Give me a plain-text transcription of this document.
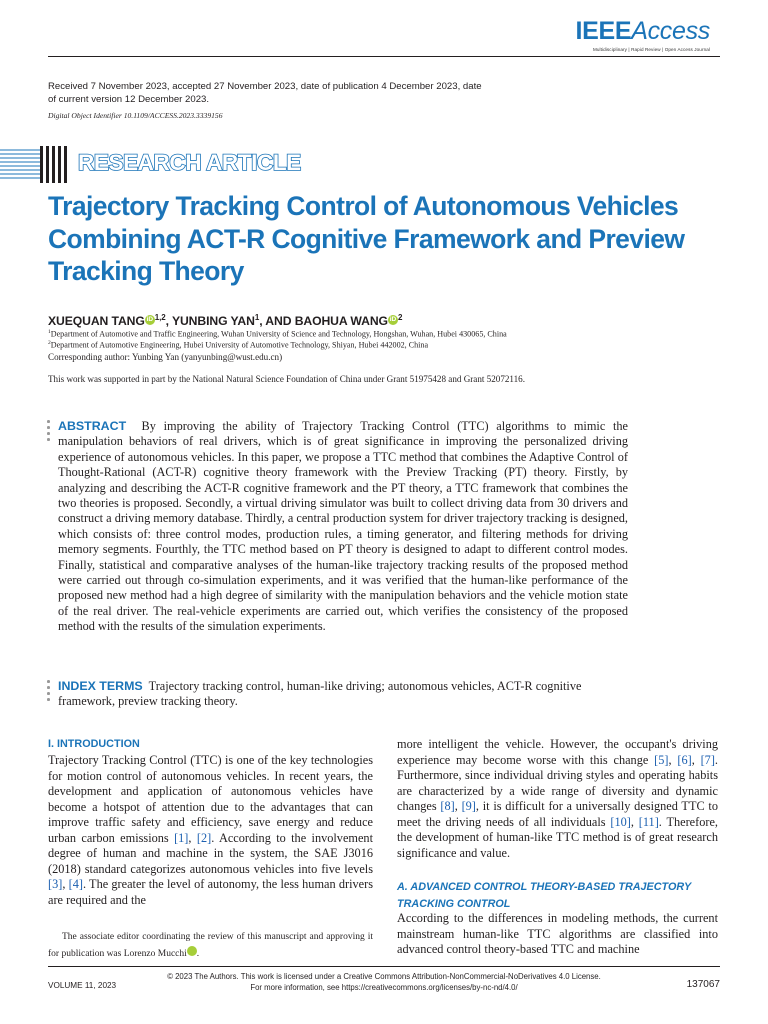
IEEEAccess
Multidisciplinary | Rapid Review | Open Access Journal
Received 7 November 2023, accepted 27 November 2023, date of publication 4 December 2023, date of current version 12 December 2023.
Digital Object Identifier 10.1109/ACCESS.2023.3339156
RESEARCH ARTICLE
Trajectory Tracking Control of Autonomous Vehicles Combining ACT-R Cognitive Framework and Preview Tracking Theory
XUEQUAN TANG iD $^{1,2}$, YUNBING YAN$^1$, AND BAOHUA WANG iD $^2$
$^1$Department of Automotive and Traffic Engineering, Wuhan University of Science and Technology, Hongshan, Wuhan, Hubei 430065, China
$^2$Department of Automotive Engineering, Hubei University of Automotive Technology, Shiyan, Hubei 442002, China
Corresponding author: Yunbing Yan (yanyunbing@wust.edu.cn)
This work was supported in part by the National Natural Science Foundation of China under Grant 51975428 and Grant 52072116.
ABSTRACT By improving the ability of Trajectory Tracking Control (TTC) algorithms to mimic the manipulation behaviors of real drivers, which is of great significance in improving the personalized driving experience of autonomous vehicles. In this paper, we propose a TTC method that combines the Adaptive Control of Thought-Rational (ACT-R) cognitive theory framework with the Preview Tracking (PT) theory. Firstly, by analyzing and describing the ACT-R cognitive framework and the PT theory, a TTC framework that combines the two theories is proposed. Secondly, a virtual driving simulator was built to collect driving data from 30 drivers and construct a driving memory database. Thirdly, a central production system for driver trajectory tracking is designed, which consists of: three control modes, production rules, a timing generator, and filtering methods for driving memory segments. Fourthly, the TTC method based on PT theory is designed to adapt to different control modes. Finally, statistical and comparative analyses of the human-like trajectory tracking results of the proposed method were carried out through co-simulation experiments, and it was verified that the human-like performance of the proposed new method had a high degree of similarity with the manipulation behaviors and the vehicle motion state of the real driver. The real-vehicle experiments are carried out, which verifies the consistency of the proposed method with the results of the simulation experiments.
INDEX TERMS Trajectory tracking control, human-like driving; autonomous vehicles, ACT-R cognitive framework, preview tracking theory.
I. INTRODUCTION
Trajectory Tracking Control (TTC) is one of the key technologies for motion control of autonomous vehicles. In recent years, the development and application of autonomous vehicles have become a hotspot of attention due to the advantages that can improve traffic safety and efficiency, save energy and reduce urban carbon emissions [1], [2]. According to the involvement degree of human and machine in the system, the SAE J3016 (2018) standard categorizes autonomous vehicles into five levels [3], [4]. The greater the level of autonomy, the less human drivers are required and the
more intelligent the vehicle. However, the occupant's driving experience may become worse with this change [5], [6], [7]. Furthermore, since individual driving styles and operating habits are characterized by a wide range of diversity and dynamic changes [8], [9], it is difficult for a universally designed TTC to meet the driving needs of all individuals [10], [11]. Therefore, the development of human-like TTC method is of great research significance and value.
A. ADVANCED CONTROL THEORY-BASED TRAJECTORY TRACKING CONTROL
According to the differences in modeling methods, the current mainstream human-like TTC algorithms are classified into advanced control theory-based TTC and machine
The associate editor coordinating the review of this manuscript and approving it for publication was Lorenzo Mucchi iD.
© 2023 The Authors. This work is licensed under a Creative Commons Attribution-NonCommercial-NoDerivatives 4.0 License.
For more information, see https://creativecommons.org/licenses/by-nc-nd/4.0/
VOLUME 11, 2023	137067
